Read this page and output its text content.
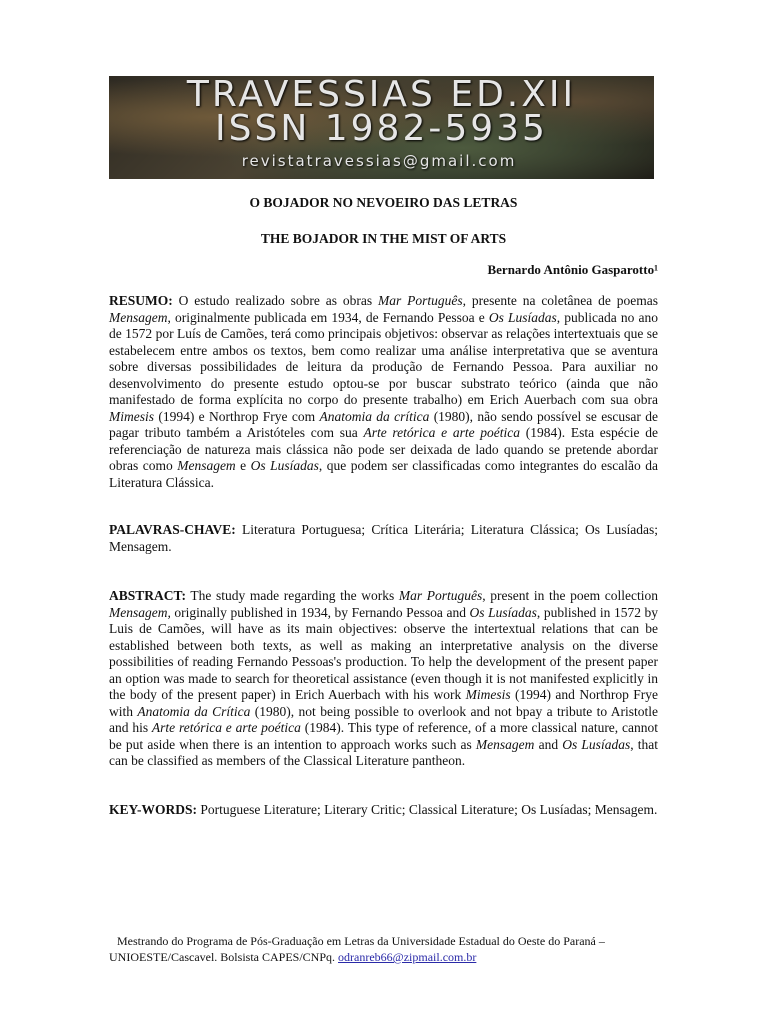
TRAVESSIAS ED.XII
ISSN 1982-5935
revistatravessias@gmail.com
O BOJADOR NO NEVOEIRO DAS LETRAS
THE BOJADOR IN THE MIST OF ARTS
Bernardo Antônio Gasparotto¹
RESUMO: O estudo realizado sobre as obras Mar Português, presente na coletânea de poemas Mensagem, originalmente publicada em 1934, de Fernando Pessoa e Os Lusíadas, publicada no ano de 1572 por Luís de Camões, terá como principais objetivos: observar as relações intertextuais que se estabelecem entre ambos os textos, bem como realizar uma análise interpretativa que se aventura sobre diversas possibilidades de leitura da produção de Fernando Pessoa. Para auxiliar no desenvolvimento do presente estudo optou-se por buscar substrato teórico (ainda que não manifestado de forma explícita no corpo do presente trabalho) em Erich Auerbach com sua obra Mimesis (1994) e Northrop Frye com Anatomia da crítica (1980), não sendo possível se escusar de pagar tributo também a Aristóteles com sua Arte retórica e arte poética (1984). Esta espécie de referenciação de natureza mais clássica não pode ser deixada de lado quando se pretende abordar obras como Mensagem e Os Lusíadas, que podem ser classificadas como integrantes do escalão da Literatura Clássica.
PALAVRAS-CHAVE: Literatura Portuguesa; Crítica Literária; Literatura Clássica; Os Lusíadas; Mensagem.
ABSTRACT: The study made regarding the works Mar Português, present in the poem collection Mensagem, originally published in 1934, by Fernando Pessoa and Os Lusíadas, published in 1572 by Luis de Camões, will have as its main objectives: observe the intertextual relations that can be established between both texts, as well as making an interpretative analysis on the diverse possibilities of reading Fernando Pessoas's production. To help the development of the present paper an option was made to search for theoretical assistance (even though it is not manifested explicitly in the body of the present paper) in Erich Auerbach with his work Mimesis (1994) and Northrop Frye with Anatomia da Crítica (1980), not being possible to overlook and not bpay a tribute to Aristotle and his Arte retórica e arte poética (1984). This type of reference, of a more classical nature, cannot be put aside when there is an intention to approach works such as Mensagem and Os Lusíadas, that can be classified as members of the Classical Literature pantheon.
KEY-WORDS: Portuguese Literature; Literary Critic; Classical Literature; Os Lusíadas; Mensagem.
Mestrando do Programa de Pós-Graduação em Letras da Universidade Estadual do Oeste do Paraná – UNIOESTE/Cascavel. Bolsista CAPES/CNPq. odranreb66@zipmail.com.br
